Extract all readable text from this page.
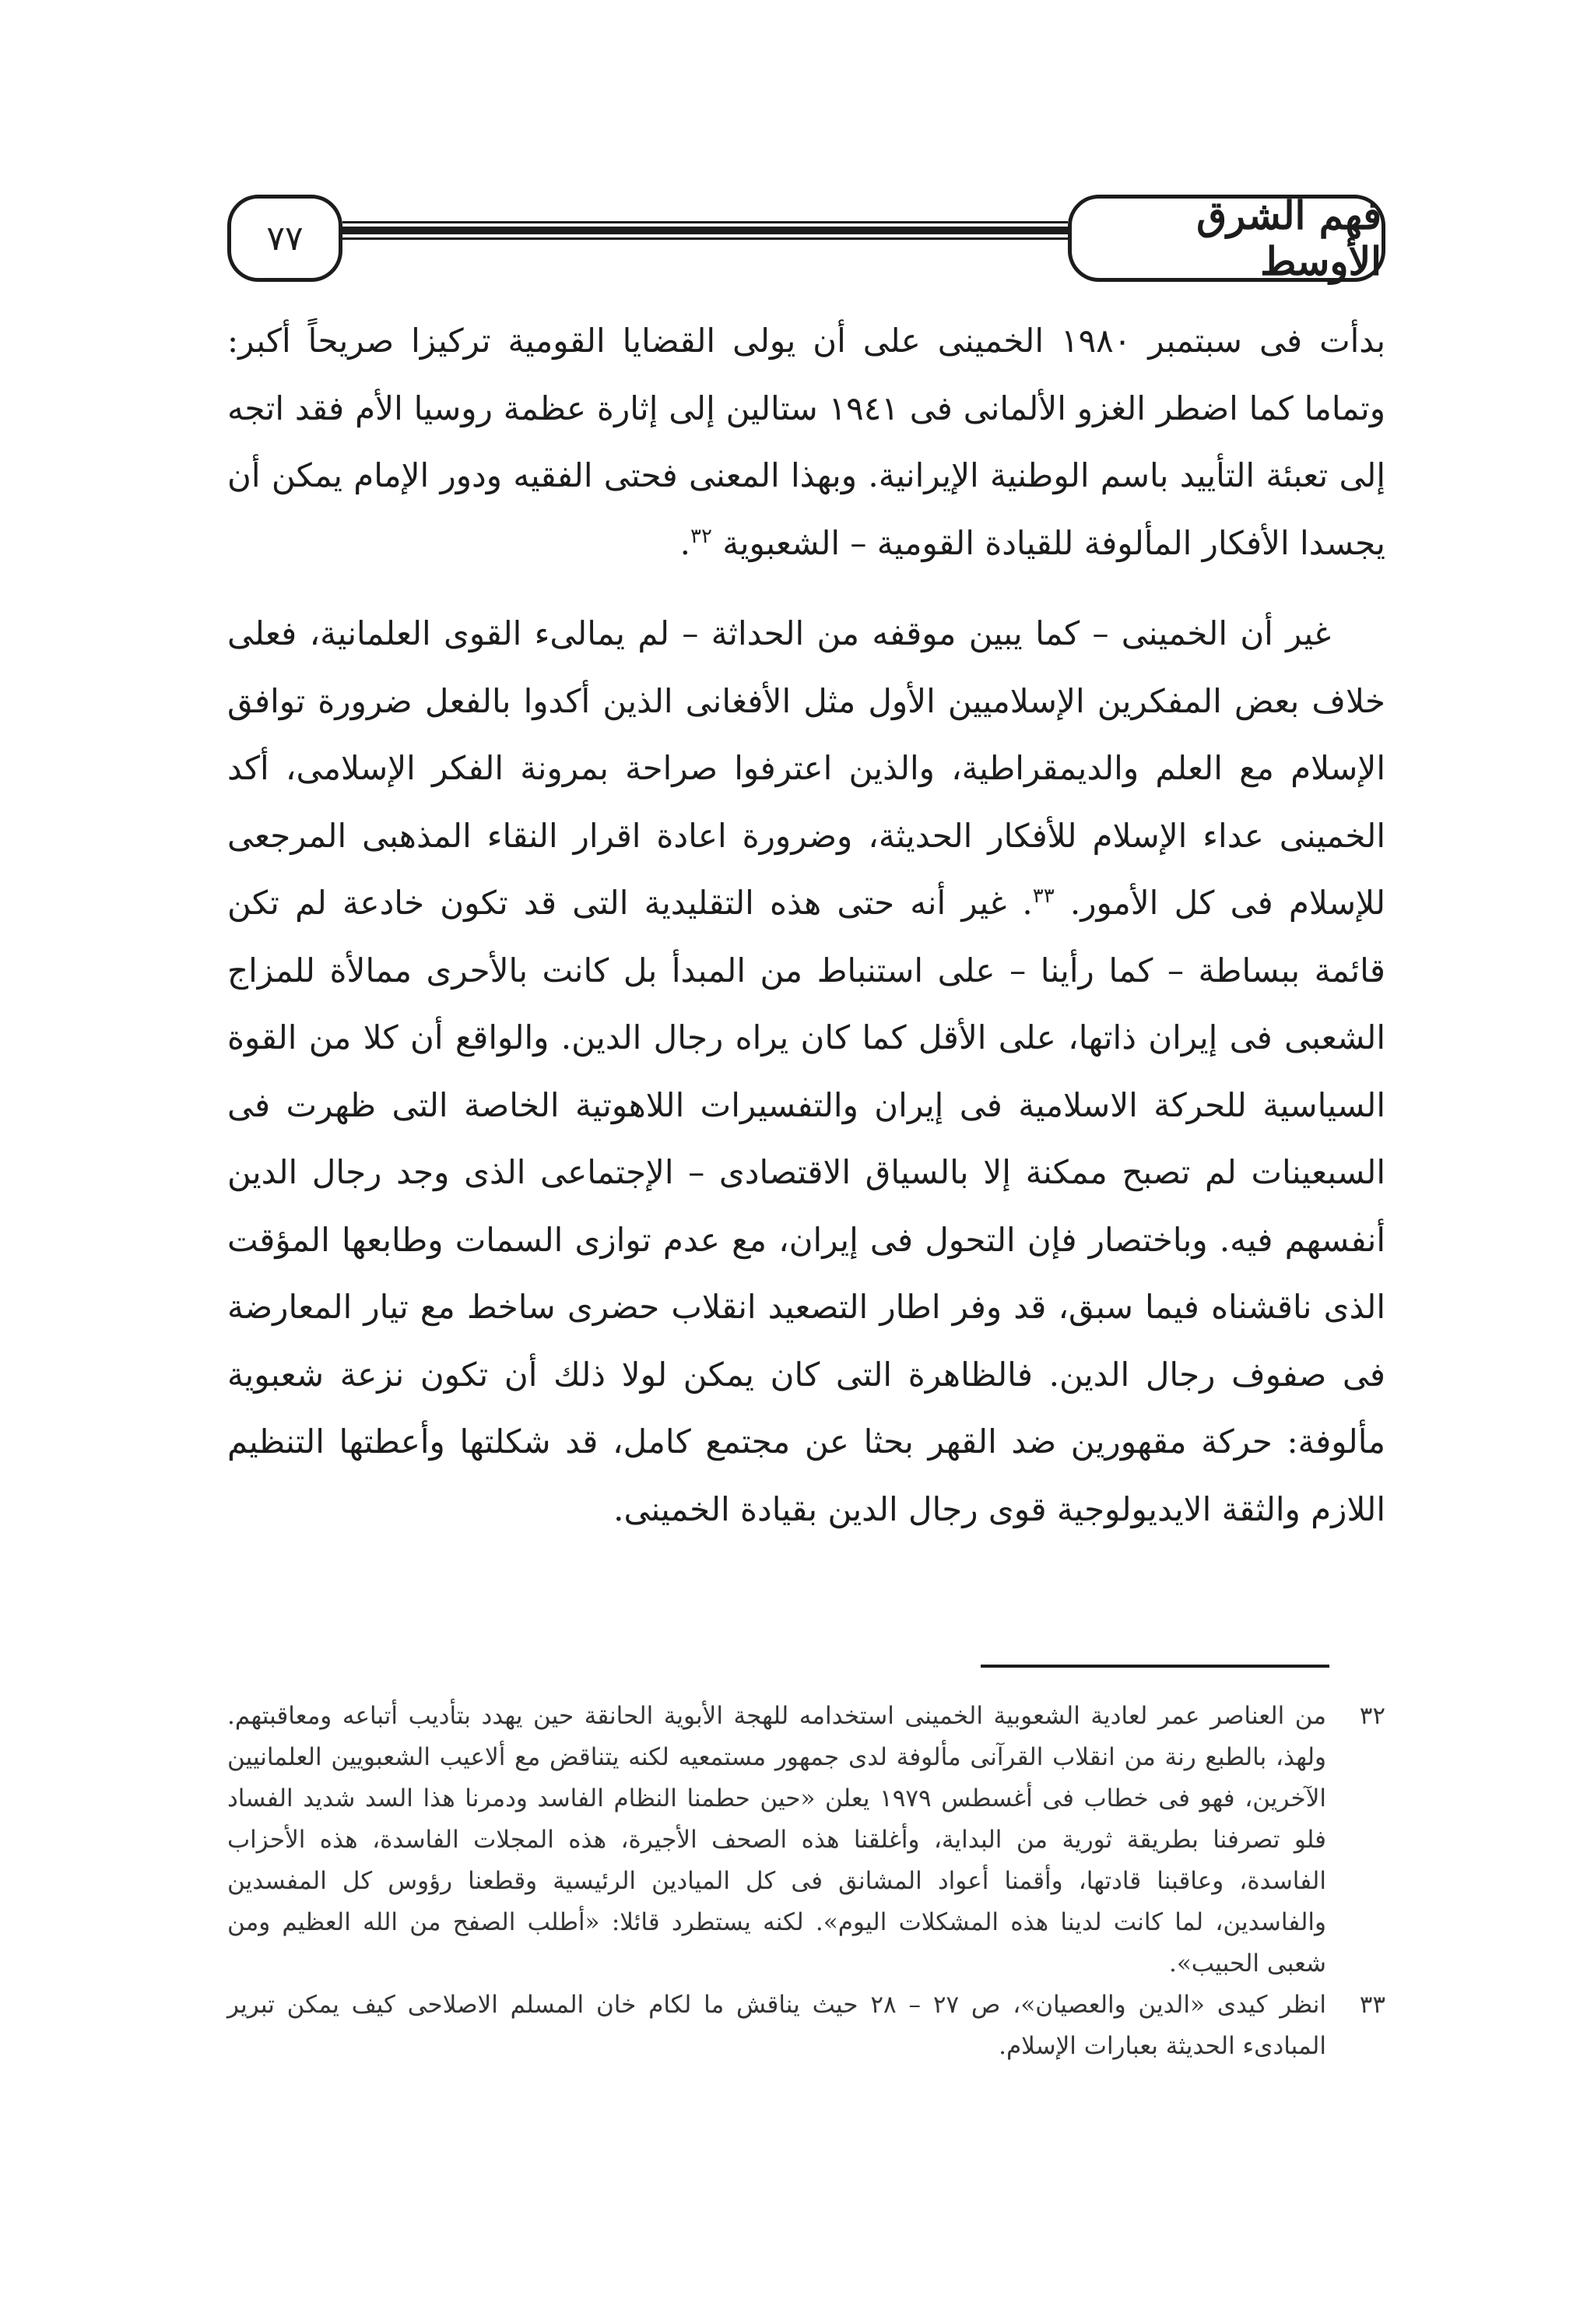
فهم الشرق الأوسط
٧٧

بدأت فى سبتمبر ١٩٨٠ الخمينى على أن يولى القضايا القومية تركيزا صريحاً أكبر: وتماما كما اضطر الغزو الألمانى فى ١٩٤١ ستالين إلى إثارة عظمة روسيا الأم فقد اتجه إلى تعبئة التأييد باسم الوطنية الإيرانية. وبهذا المعنى فحتى الفقيه ودور الإمام يمكن أن يجسدا الأفكار المألوفة للقيادة القومية – الشعبوية $^{٣٢}$.

غير أن الخمينى – كما يبين موقفه من الحداثة – لم يمالىء القوى العلمانية، فعلى خلاف بعض المفكرين الإسلاميين الأول مثل الأفغانى الذين أكدوا بالفعل ضرورة توافق الإسلام مع العلم والديمقراطية، والذين اعترفوا صراحة بمرونة الفكر الإسلامى، أكد الخمينى عداء الإسلام للأفكار الحديثة، وضرورة اعادة اقرار النقاء المذهبى المرجعى للإسلام فى كل الأمور. $^{٣٣}$. غير أنه حتى هذه التقليدية التى قد تكون خادعة لم تكن قائمة ببساطة – كما رأينا – على استنباط من المبدأ بل كانت بالأحرى ممالأة للمزاج الشعبى فى إيران ذاتها، على الأقل كما كان يراه رجال الدين. والواقع أن كلا من القوة السياسية للحركة الاسلامية فى إيران والتفسيرات اللاهوتية الخاصة التى ظهرت فى السبعينات لم تصبح ممكنة إلا بالسياق الاقتصادى – الإجتماعى الذى وجد رجال الدين أنفسهم فيه. وباختصار فإن التحول فى إيران، مع عدم توازى السمات وطابعها المؤقت الذى ناقشناه فيما سبق، قد وفر اطار التصعيد انقلاب حضرى ساخط مع تيار المعارضة فى صفوف رجال الدين. فالظاهرة التى كان يمكن لولا ذلك أن تكون نزعة شعبوية مألوفة: حركة مقهورين ضد القهر بحثا عن مجتمع كامل، قد شكلتها وأعطتها التنظيم اللازم والثقة الايديولوجية قوى رجال الدين بقيادة الخمينى.

٣٢
من العناصر عمر لعادية الشعوبية الخمينى استخدامه للهجة الأبوية الحانقة حين يهدد بتأديب أتباعه ومعاقبتهم. ولهذ، بالطبع رنة من انقلاب القرآنى مألوفة لدى جمهور مستمعيه لكنه يتناقض مع ألاعيب الشعبويين العلمانيين الآخرين، فهو فى خطاب فى أغسطس ١٩٧٩ يعلن «حين حطمنا النظام الفاسد ودمرنا هذا السد شديد الفساد فلو تصرفنا بطريقة ثورية من البداية، وأغلقنا هذه الصحف الأجيرة، هذه المجلات الفاسدة، هذه الأحزاب الفاسدة، وعاقبنا قادتها، وأقمنا أعواد المشانق فى كل الميادين الرئيسية وقطعنا رؤوس كل المفسدين والفاسدين، لما كانت لدينا هذه المشكلات اليوم». لكنه يستطرد قائلا: «أطلب الصفح من الله العظيم ومن شعبى الحبيب».
٣٣
انظر كيدى «الدين والعصيان»، ص ٢٧ – ٢٨ حيث يناقش ما لكام خان المسلم الاصلاحى كيف يمكن تبرير المبادىء الحديثة بعبارات الإسلام.
